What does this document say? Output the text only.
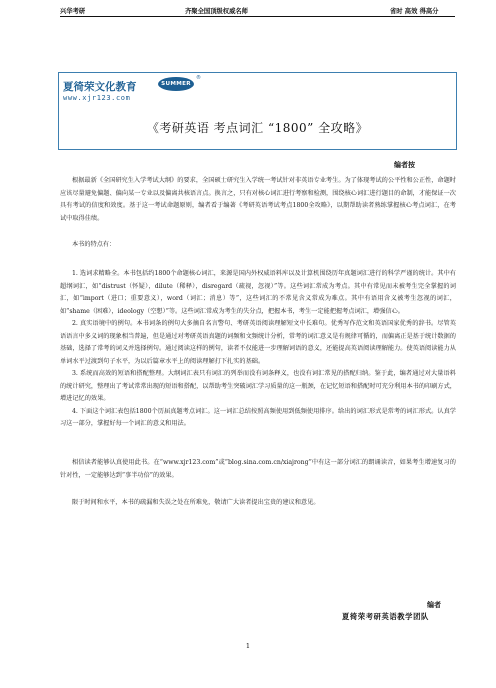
兴华考研	齐聚全国顶级权威名师	省时 高效 得高分
夏徛荣文化教育
www.xjr123.com
SUMMER
®
《考研英语 考点词汇 “1800” 全攻略》
编者按

根据最新《全国研究生入学考试大纲》的要求，全国硕士研究生入学统一考试针对非英语专业考生。为了体现考试的公平性和公正性，命题时应该尽量避免偏题、偏向某一专业以及偏离共核语言点。换言之，只有对核心词汇进行考察和检测，围绕核心词汇进行题目的命制，才能保证一次具有考试的信度和效度。基于这一考试命题原则，编者看于编著《考研英语考试考点1800全攻略》，以期帮助读者熟练掌握核心考点词汇，在考试中取得佳绩。

本书的特点有：

1. 选词求精略全。本书包括约1800个命题核心词汇，来源是国内外权威语料库以及计算机围绕历年真题词汇进行的科学严谨的统计。其中有超纲词汇，如“distrust（怀疑），dilute（稀释），disregard（疏视，忽视）”等。这些词汇常成为考点。其中有常见而未被考生完全掌握的词汇，如“import（进口；重要意义），word（词汇；消息）等”，这些词汇的不常见含义常成为难点。其中有语用含义被考生忽视的词汇，如“shame（困难），ideology（空想）”等。这些词汇常成为考生的失分点，把握本书，考生一定能把握考点词汇，增强信心。

2. 真实语境中的例句。本书词条的例句大多摘自名言警句、考研英语阅读理解短文中长难句。优秀写作范文和英语国家优秀的辞书。尽管英语语言中多义词的现象相当普遍，但是通过对考研英语真题的词频和文频统计分析，常考的词汇意义是有规律可循的，而偏离正是基于统计数据的基础，选择了常考的词义并选择例句。通过阅读这样的例句，读者不仅能进一步理解词语的意义，还能提高英语阅读理解能力。使英语阅读能力从单词水平过渡到句子水平，为以后篇章水平上的阅读理解打下扎实的基础。

3. 系统而高效的短语和搭配整理。大纲词汇表只有词汇的列举而没有词条释义，也没有词汇常见的搭配归纳。鉴于此，编者通过对大量语料的统计研究，整理出了考试常常出现的短语和搭配，以帮助考生突破词汇学习质量的这一瓶颈，在记忆短语和搭配时可充分利用本书的印刷方式，增进记忆的效果。

4. 下面这个词汇表包括1800个历届真题考点词汇。这一词汇总结按照高频使用到低频使用排序。给出的词汇形式是常考的词汇形式。认真学习这一部分，掌握好每一个词汇的意义和用法。

相信读者能够认真使用此书。在“www.xjr123.com”或“blog.sina.com.cn/xiajrong”中有这一部分词汇的朗诵读音，如果考生增速复习的针对性，一定能够达到“事半功倍”的效果。

限于时间和水平，本书的疏漏和失误之处在所难免，敬请广大读者提出宝贵的建议和意见。

编者
夏徛荣考研英语教学团队
1
